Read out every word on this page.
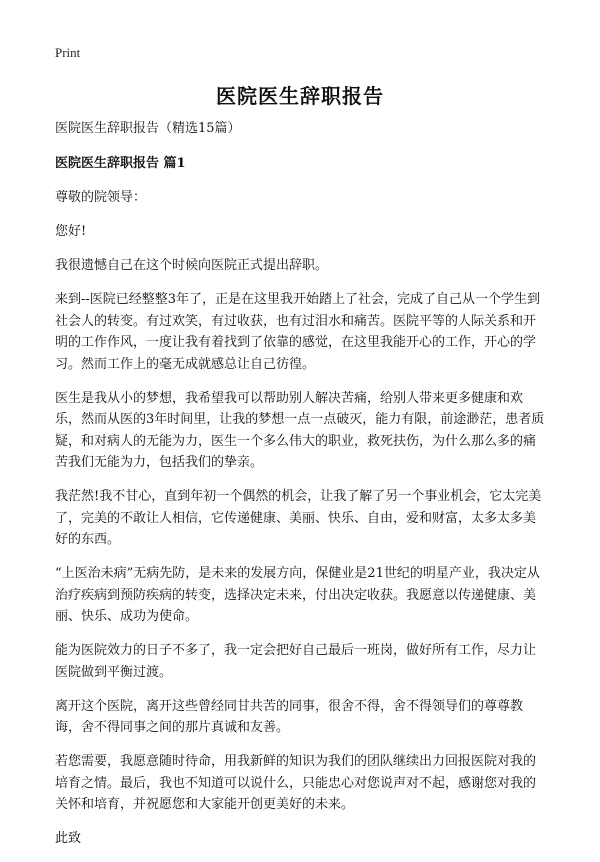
Print
医院医生辞职报告

医院医生辞职报告（精选15篇）

医院医生辞职报告 篇1

尊敬的院领导：

您好!

我很遗憾自己在这个时候向医院正式提出辞职。

来到--医院已经整整3年了，正是在这里我开始踏上了社会，完成了自己从一个学生到社会人的转变。有过欢笑，有过收获，也有过泪水和痛苦。医院平等的人际关系和开明的工作作风，一度让我有着找到了依靠的感觉，在这里我能开心的工作，开心的学习。然而工作上的毫无成就感总让自己彷徨。

医生是我从小的梦想，我希望我可以帮助别人解决苦痛，给别人带来更多健康和欢乐，然而从医的3年时间里，让我的梦想一点一点破灭，能力有限，前途渺茫，患者质疑，和对病人的无能为力，医生一个多么伟大的职业，救死扶伤，为什么那么多的痛苦我们无能为力，包括我们的挚亲。

我茫然!我不甘心，直到年初一个偶然的机会，让我了解了另一个事业机会，它太完美了，完美的不敢让人相信，它传递健康、美丽、快乐、自由，爱和财富，太多太多美好的东西。

“上医治未病”无病先防，是未来的发展方向，保健业是21世纪的明星产业，我决定从治疗疾病到预防疾病的转变，选择决定未来，付出决定收获。我愿意以传递健康、美丽、快乐、成功为使命。

能为医院效力的日子不多了，我一定会把好自己最后一班岗，做好所有工作，尽力让医院做到平衡过渡。

离开这个医院，离开这些曾经同甘共苦的同事，很舍不得，舍不得领导们的尊尊教诲，舍不得同事之间的那片真诚和友善。

若您需要，我愿意随时待命，用我新鲜的知识为我们的团队继续出力回报医院对我的培育之情。最后，我也不知道可以说什么，只能忠心对您说声对不起，感谢您对我的关怀和培育，并祝愿您和大家能开创更美好的未来。

此致
